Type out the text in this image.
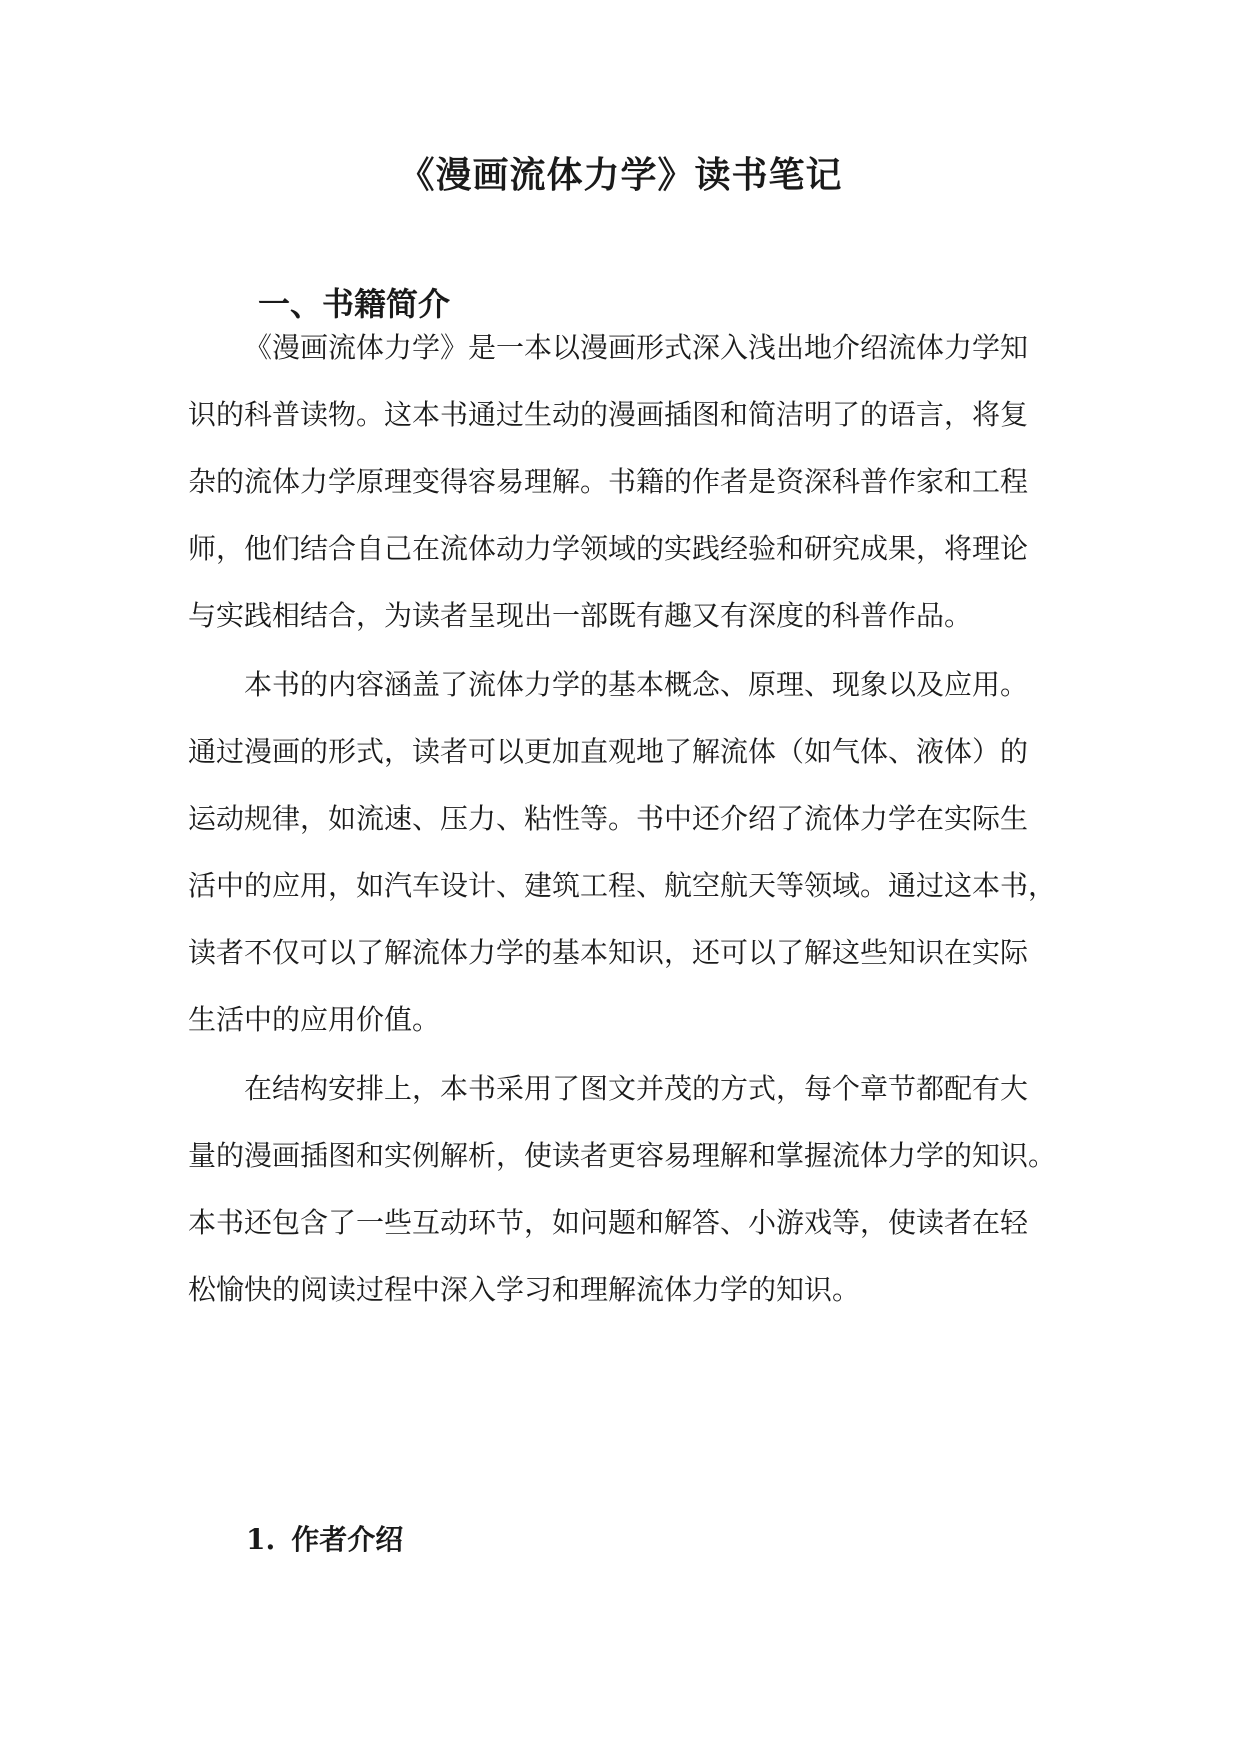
《漫画流体力学》读书笔记
一、书籍简介
《漫画流体力学》是一本以漫画形式深入浅出地介绍流体力学知
识的科普读物。这本书通过生动的漫画插图和简洁明了的语言，将复
杂的流体力学原理变得容易理解。书籍的作者是资深科普作家和工程
师，他们结合自己在流体动力学领域的实践经验和研究成果，将理论
与实践相结合，为读者呈现出一部既有趣又有深度的科普作品。
本书的内容涵盖了流体力学的基本概念、原理、现象以及应用。
通过漫画的形式，读者可以更加直观地了解流体（如气体、液体）的
运动规律，如流速、压力、粘性等。书中还介绍了流体力学在实际生
活中的应用，如汽车设计、建筑工程、航空航天等领域。通过这本书，
读者不仅可以了解流体力学的基本知识，还可以了解这些知识在实际
生活中的应用价值。
在结构安排上，本书采用了图文并茂的方式，每个章节都配有大
量的漫画插图和实例解析，使读者更容易理解和掌握流体力学的知识。
本书还包含了一些互动环节，如问题和解答、小游戏等，使读者在轻
松愉快的阅读过程中深入学习和理解流体力学的知识。
1. 作者介绍
